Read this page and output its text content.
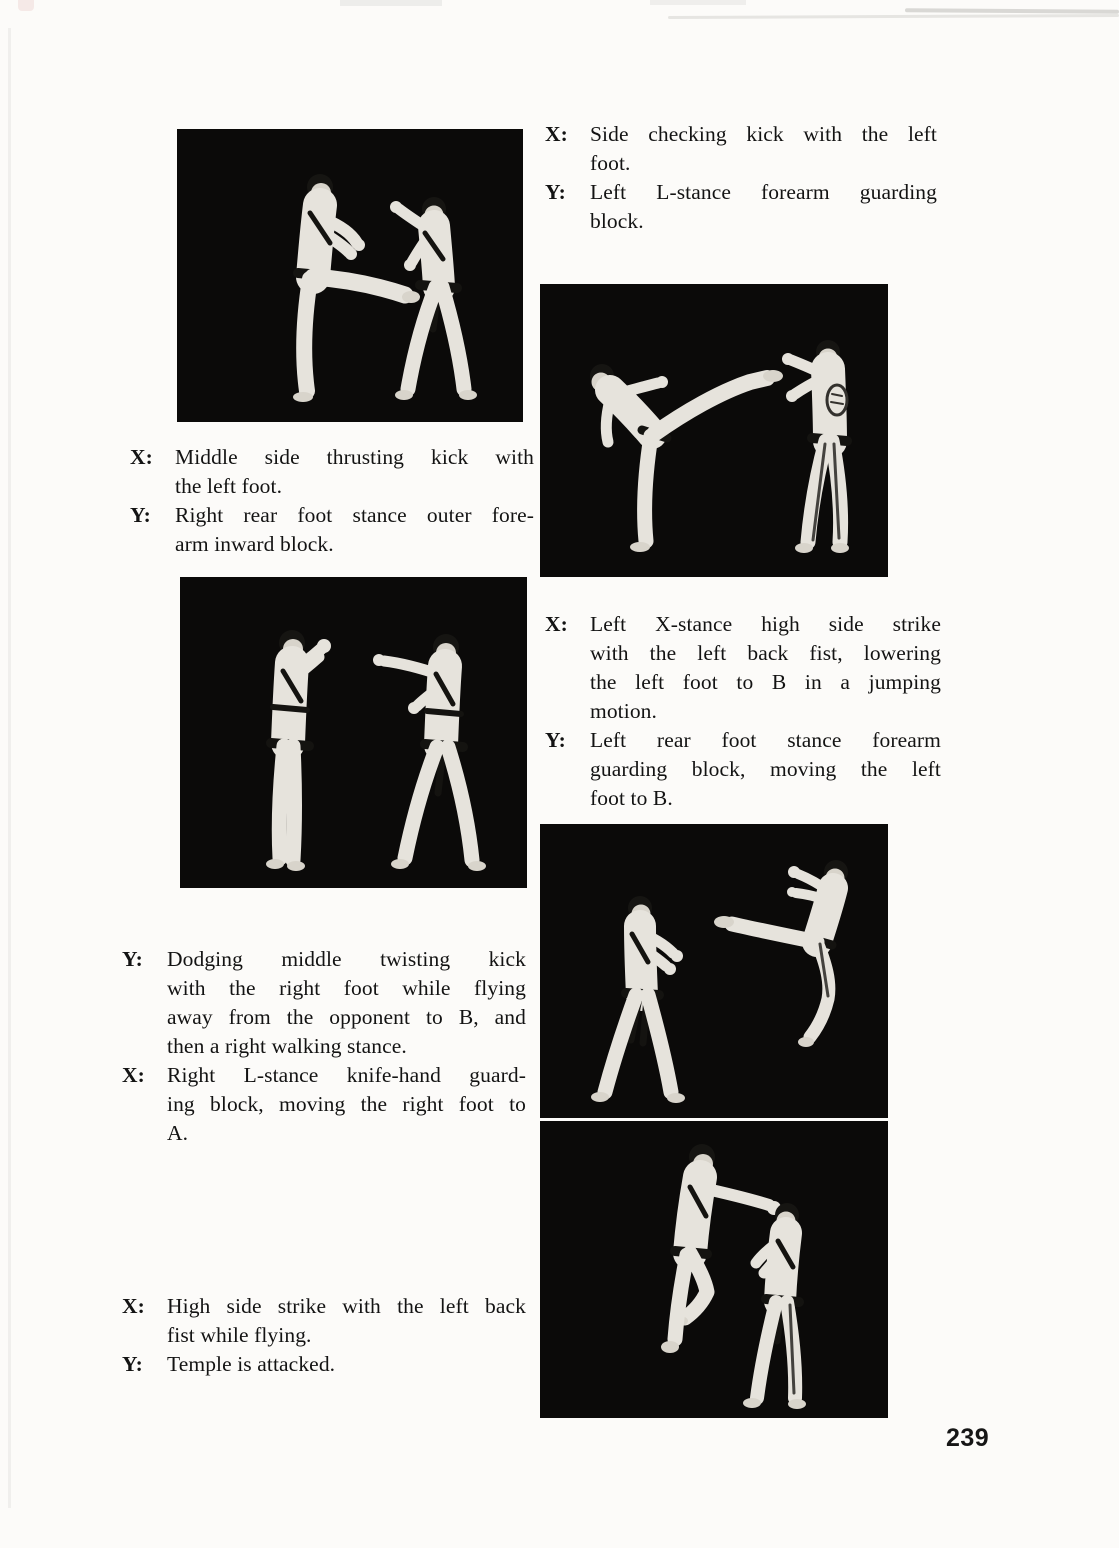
X:	Side checking kick with the left
foot.
Y:	Left L-stance forearm guarding
block.
X:	Middle side thrusting kick with
the left foot.
Y:	Right rear foot stance outer fore-
arm inward block.
X:	Left X-stance high side strike
with the left back fist, lowering
the left foot to B in a jumping
motion.
Y:	Left rear foot stance forearm
guarding block, moving the left
foot to B.
Y:	Dodging middle twisting kick
with the right foot while flying
away from the opponent to B, and
then a right walking stance.
X:	Right L-stance knife-hand guard-
ing block, moving the right foot to
A.
X:	High side strike with the left back
fist while flying.
Y:	Temple is attacked.
239
